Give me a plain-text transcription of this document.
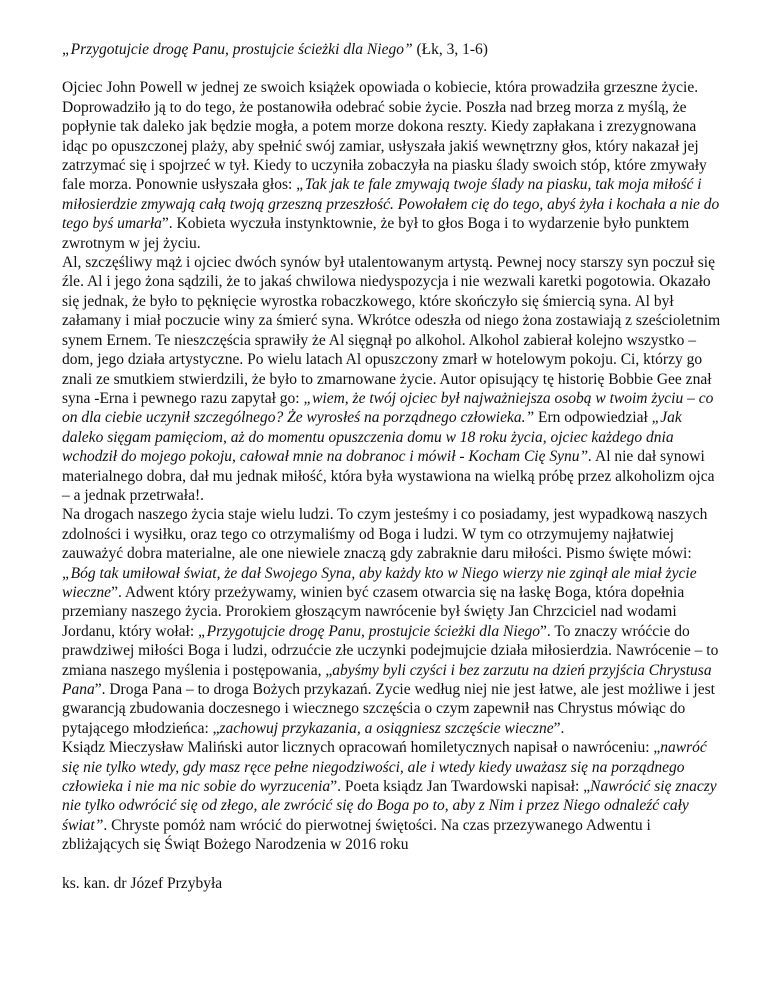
„Przygotujcie drogę Panu, prostujcie ścieżki dla Niego” (Łk, 3, 1-6)

Ojciec John Powell w jednej ze swoich książek opowiada o kobiecie, która prowadziła grzeszne życie. Doprowadziło ją to do tego, że postanowiła odebrać sobie życie. Poszła nad brzeg morza z myślą, że popłynie tak daleko jak będzie mogła, a potem morze dokona reszty. Kiedy zapłakana i zrezygnowana idąc po opuszczonej plaży, aby spełnić swój zamiar, usłyszała jakiś wewnętrzny głos, który nakazał jej zatrzymać się i spojrzeć w tył. Kiedy to uczyniła zobaczyła na piasku ślady swoich stóp, które zmywały fale morza. Ponownie usłyszała głos: „Tak jak te fale zmywają twoje ślady na piasku, tak moja miłość i miłosierdzie zmywają całą twoją grzeszną przeszłość. Powołałem cię do tego, abyś żyła i kochała a nie do tego byś umarła”. Kobieta wyczuła instynktownie, że był to głos Boga i to wydarzenie było punktem zwrotnym w jej życiu.

Al, szczęśliwy mąż i ojciec dwóch synów był utalentowanym artystą. Pewnej nocy starszy syn poczuł się źle. Al i jego żona sądzili, że to jakaś chwilowa niedyspozycja i nie wezwali karetki pogotowia. Okazało się jednak, że było to pęknięcie wyrostka robaczkowego, które skończyło się śmiercią syna. Al był załamany i miał poczucie winy za śmierć syna. Wkrótce odeszła od niego żona zostawiają z sześcioletnim synem Ernem. Te nieszczęścia sprawiły że Al sięgnął po alkohol. Alkohol zabierał kolejno wszystko – dom, jego działa artystyczne. Po wielu latach Al opuszczony zmarł w hotelowym pokoju. Ci, którzy go znali ze smutkiem stwierdzili, że było to zmarnowane życie. Autor opisujący tę historię Bobbie Gee znał syna -Erna i pewnego razu zapytał go: „wiem, że twój ojciec był najważniejsza osobą w twoim życiu – co on dla ciebie uczynił szczególnego? Że wyrosłeś na porządnego człowieka.” Ern odpowiedział „Jak daleko sięgam pamięciom, aż do momentu opuszczenia domu w 18 roku życia, ojciec każdego dnia wchodził do mojego pokoju, całował mnie na dobranoc i mówił - Kocham Cię Synu”. Al nie dał synowi materialnego dobra, dał mu jednak miłość, która była wystawiona na wielką próbę przez alkoholizm ojca – a jednak przetrwała!.

Na drogach naszego życia staje wielu ludzi. To czym jesteśmy i co posiadamy, jest wypadkową naszych zdolności i wysiłku, oraz tego co otrzymaliśmy od Boga i ludzi. W tym co otrzymujemy najłatwiej zauważyć dobra materialne, ale one niewiele znaczą gdy zabraknie daru miłości. Pismo święte mówi: „Bóg tak umiłował świat, że dał Swojego Syna, aby każdy kto w Niego wierzy nie zginął ale miał życie wieczne”. Adwent który przeżywamy, winien być czasem otwarcia się na łaskę Boga, która dopełnia przemiany naszego życia. Prorokiem głoszącym nawrócenie był święty Jan Chrzciciel nad wodami Jordanu, który wołał: „Przygotujcie drogę Panu, prostujcie ścieżki dla Niego”. To znaczy wróćcie do prawdziwej miłości Boga i ludzi, odrzućcie złe uczynki podejmujcie działa miłosierdzia. Nawrócenie – to zmiana naszego myślenia i postępowania, „abyśmy byli czyści i bez zarzutu na dzień przyjścia Chrystusa Pana”. Droga Pana – to droga Bożych przykazań. Zycie według niej nie jest łatwe, ale jest możliwe i jest gwarancją zbudowania doczesnego i wiecznego szczęścia o czym zapewnił nas Chrystus mówiąc do pytającego młodzieńca: „zachowuj przykazania, a osiągniesz szczęście wieczne”.

Ksiądz Mieczysław Maliński autor licznych opracowań homiletycznych napisał o nawróceniu: „nawróć się nie tylko wtedy, gdy masz ręce pełne niegodziwości, ale i wtedy kiedy uważasz się na porządnego człowieka i nie ma nic sobie do wyrzucenia”. Poeta ksiądz Jan Twardowski napisał: „Nawrócić się znaczy nie tylko odwrócić się od złego, ale zwrócić się do Boga po to, aby z Nim i przez Niego odnaleźć cały świat”. Chryste pomóż nam wrócić do pierwotnej świętości. Na czas przezywanego Adwentu i zbliżających się Świąt Bożego Narodzenia w 2016 roku

ks. kan. dr Józef Przybyła
